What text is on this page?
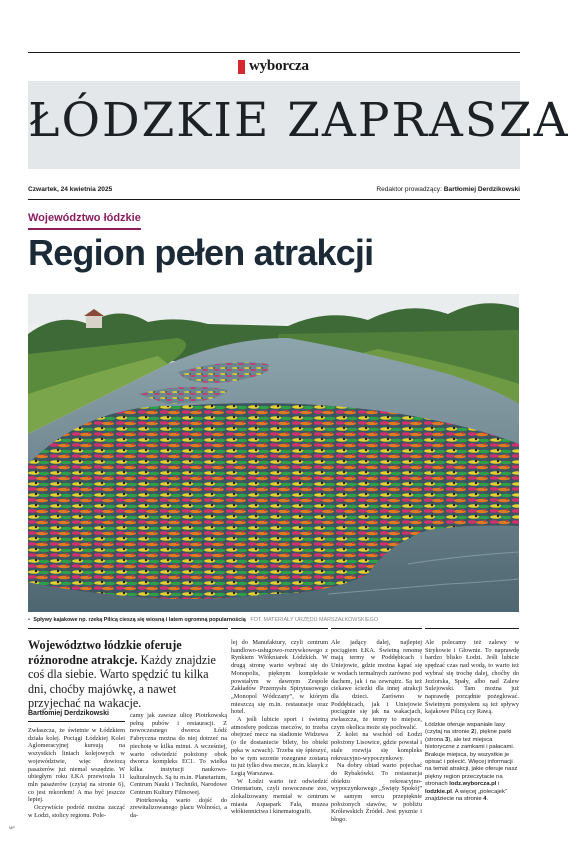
wyborcza
ŁÓDZKIE ZAPRASZA
Czwartek, 24 kwietnia 2025	Redaktor prowadzący: Bartłomiej Derdzikowski
Województwo łódzkie
Region pełen atrakcji
• Spływy kajakowe np. rzeką Pilicą cieszą się wiosną i latem ogromną popularnością FOT. MATERIAŁY URZĘDU MARSZAŁKOWSKIEGO
Województwo łódzkie oferuje różnorodne atrakcje. Każdy znajdzie coś dla siebie. Warto spędzić tu kilka dni, choćby majówkę, a nawet przyjechać na wakacje.
Bartłomiej Derdzikowski

Zwłaszcza, że świetnie w Łódzkiem działa kolej. Pociągi Łódzkiej Kolei Aglomeracyjnej kursują na wszystkich liniach kolejowych w województwie, więc dowiozą pasażerów już niemal wszędzie. W ubiegłym roku ŁKA przewiozła 11 mln pasażerów (czytaj na stronie 6), co jest rekordem! A ma być jeszcze lepiej.

Oczywiście podróż można zacząć w Łodzi, stolicy regionu. Pole-

camy jak zawsze ulicę Piotrkowską pełną pubów i restauracji. Z nowoczesnego dworca Łódź Fabryczna można do niej dotrzeć na piechotę w kilka minut. A wcześniej, warto odwiedzić położony obok dworca kompleks EC1. To wielka kilka instytucji naukowo-kulturalnych. Są tu m.in. Planetarium, Centrum Nauki i Techniki, Narodowe Centrum Kultury Filmowej.

Piotrkowską warto dojść do zrewitalizowanego placu Wolności, a da-

lej do Manufaktury, czyli centrum handlowo-usługowo-rozrywkowego z Rynkiem Włókniarek Łódzkich. W drugą stronę warto wybrać się do Monopolis, pięknym kompleksie powstałym w dawnym Zespole Zakładów Przemysłu Spirytusowego „Monopol Wódczany”, w którym mieszczą się m.in. restauracje oraz hotel.

A jeśli lubicie sport i świetną atmosferę podczas meczów, to trzeba obejrzeć mecz na stadionie Widzewa (o ile dostaniecie bilety, bo obiekt pęka w szwach). Trzeba się śpieszyć, bo w tym sezonie rozegrane zostaną tu już tylko dwa mecze, m.in. klasyk z Legią Warszawa.

W Łodzi warto też odwiedzić Orientarium, czyli nowoczesne zoo, zlokalizowany memiał w centrum miasta Aquapark Fala, muzea włókiennictwa i kinematografii.

Ale jadący dalej, najlepiej pociągiem ŁKA. Świetną renomę mają termy w Poddębicach i Uniejowie, gdzie można kąpać się w wodach termalnych zarówno pod dachem, jak i na zewnątrz. Są też ciekawe ścieżki dla innej atrakcji dla dzieci. Zarówno w Poddębicach, jak i Uniejowie pociągnie się jak na wakacjach, zwłaszcza, że termy to miejsce, czym okolica może się pochwalić.

Z kolei na wschód od Łodzi położony Lisowice, gdzie powstał i stale rozwija się kompleks rekreacyjno-wypoczynkowy.

Na dobry obiad warto pojechać do Rybakówki. To restauracja obiektu rekreacyjno-wypoczynkowego „Święty Spokój” w samym sercu przepięknie położonych stawów, w pobliżu Królewskich Źródeł. Jest pysznie i błogo.

Ale polecamy też zalewy w Strykowie i Głownie. To naprawdę bardzo blisko Łodzi. Jeśli lubicie spędzać czas nad wodą, to warto też wybrać się trochę dalej, choćby do Jeziorska, Spały, albo nad Zalew Sulejowski. Tam można już naprawdę porządnie pożeglować. Świetnym pomysłem są też spływy kajakowe Pilicą czy Rawą.

Łódzkie oferuje wspaniałe lasy (czytaj na stronie 2), piękne parki (strona 3), ale też miejsca historyczne z zamkami i pałacami. Brakuje miejsca, by wszystkie je opisać i polecić. Więcej informacji na temat atrakcji, jakie oferuje nasz piękny region przeczytacie na stronach lodz.wyborcza.pl i lodzkie.pl. A więcej „polecajek” znajdziecie na stronie 4.
MP
